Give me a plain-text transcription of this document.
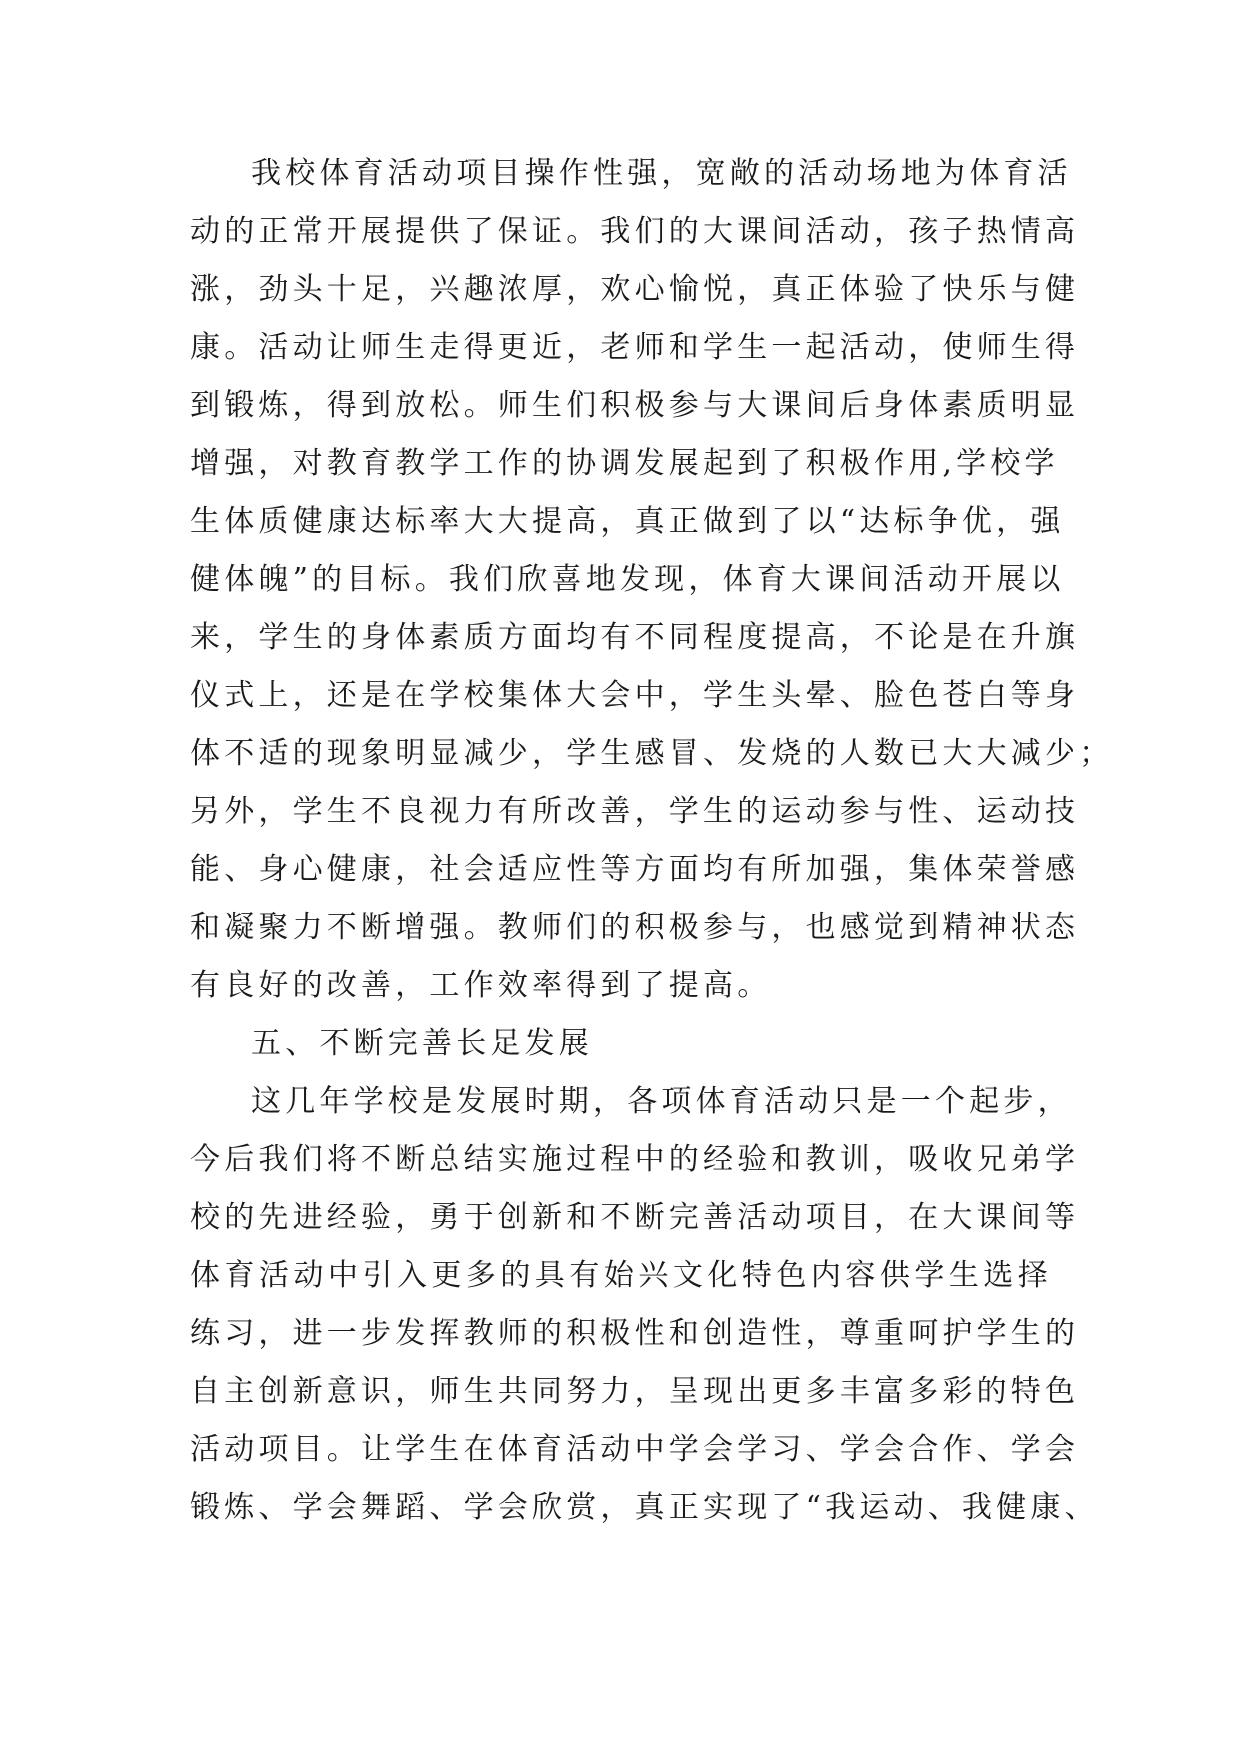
我校体育活动项目操作性强，宽敞的活动场地为体育活
动的正常开展提供了保证。我们的大课间活动，孩子热情高
涨，劲头十足，兴趣浓厚，欢心愉悦，真正体验了快乐与健
康。活动让师生走得更近，老师和学生一起活动，使师生得
到锻炼，得到放松。师生们积极参与大课间后身体素质明显
增强，对教育教学工作的协调发展起到了积极作用,学校学
生体质健康达标率大大提高，真正做到了以“达标争优，强
健体魄”的目标。我们欣喜地发现，体育大课间活动开展以
来，学生的身体素质方面均有不同程度提高，不论是在升旗
仪式上，还是在学校集体大会中，学生头晕、脸色苍白等身
体不适的现象明显减少，学生感冒、发烧的人数已大大减少；
另外，学生不良视力有所改善，学生的运动参与性、运动技
能、身心健康，社会适应性等方面均有所加强，集体荣誉感
和凝聚力不断增强。教师们的积极参与，也感觉到精神状态
有良好的改善，工作效率得到了提高。
五、不断完善长足发展
这几年学校是发展时期，各项体育活动只是一个起步，
今后我们将不断总结实施过程中的经验和教训，吸收兄弟学
校的先进经验，勇于创新和不断完善活动项目，在大课间等
体育活动中引入更多的具有始兴文化特色内容供学生选择
练习，进一步发挥教师的积极性和创造性，尊重呵护学生的
自主创新意识，师生共同努力，呈现出更多丰富多彩的特色
活动项目。让学生在体育活动中学会学习、学会合作、学会
锻炼、学会舞蹈、学会欣赏，真正实现了“我运动、我健康、
